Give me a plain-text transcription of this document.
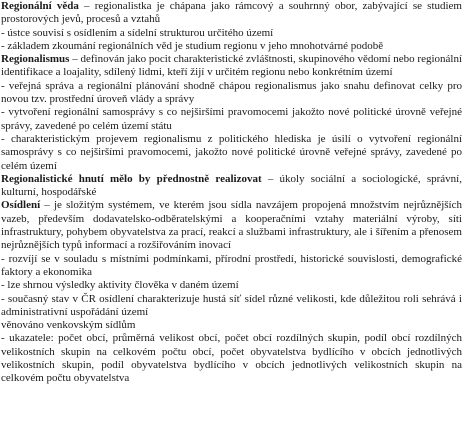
Regionální věda – regionalistka je chápana jako rámcový a souhrnný obor, zabývající se studiem prostorových jevů, procesů a vztahů

- ústce souvisí s osídlením a sídelní strukturou určitého území

- základem zkoumání regionálních věd je studium regionu v jeho mnohotvárné podobě

Regionalismus – definován jako pocit charakteristické zvláštnosti, skupinového vědomí nebo regionální identifikace a loajality, sdílený lidmi, kteří žijí v určitém regionu nebo konkrétním území

- veřejná správa a regionální plánování shodně chápou regionalismus jako snahu definovat celky pro novou tzv. prostřední úroveň vlády a správy

- vytvoření regionální samosprávy s co nejširšími pravomocemi jakožto nové politické úrovně veřejné správy, zavedené po celém území státu

- charakteristickým projevem regionalismu z politického hlediska je úsilí o vytvoření regionální samosprávy s co nejširšími pravomocemi, jakožto nové politické úrovně veřejné správy, zavedené po celém území

Regionalistické hnutí mělo by přednostně realizovat – úkoly sociální a sociologické, správní, kulturní, hospodářské

Osídlení – je složitým systémem, ve kterém jsou sídla navzájem propojená množstvím nejrůznějších vazeb, především dodavatelsko-odběratelskými a kooperačními vztahy materiální výroby, síti infrastruktury, pohybem obyvatelstva za prací, reakcí a službami infrastruktury, ale i šířením a přenosem nejrůznějších typů informací a rozšiřováním inovací

- rozvíjí se v souladu s místními podmínkami, přírodní prostředí, historické souvislosti, demografické faktory a ekonomika

- lze shrnou výsledky aktivity člověka v daném území

- současný stav v ČR osídlení charakterizuje hustá síť sídel různé velikosti, kde důležitou roli sehrává i administrativní uspořádání území

věnováno venkovským sídlům

- ukazatele: počet obcí, průměrná velikost obcí, počet obcí rozdílných skupin, podíl obcí rozdílných velikostních skupin na celkovém počtu obcí, počet obyvatelstva bydlícího v obcích jednotlivých velikostních skupin, podíl obyvatelstva bydlícího v obcích jednotlivých velikostních skupin na celkovém počtu obyvatelstva
